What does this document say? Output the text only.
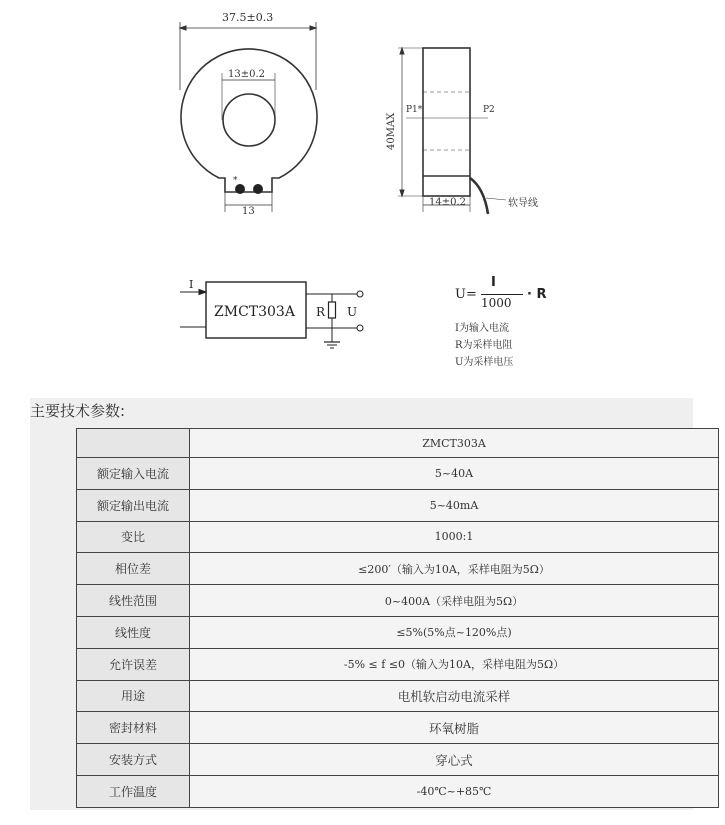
37.5±0.3
13±0.2
*
13
40MAX
P1*	P2
14±0.2	软导线
I
ZMCT303A R U
U=
I
1000
· R
I为输入电流
R为采样电阻
U为采样电压
主要技术参数:
	ZMCT303A
额定输入电流	5~40A
额定输出电流	5~40mA
变比	1000:1
相位差	≤200′（输入为10A，采样电阻为5Ω）
线性范围	0~400A（采样电阻为5Ω）
线性度	≤5%(5%点~120%点)
允许误差	-5% ≤ f ≤0（输入为10A，采样电阻为5Ω）
用途	电机软启动电流采样
密封材料	环氧树脂
安装方式	穿心式
工作温度	-40℃~+85℃
